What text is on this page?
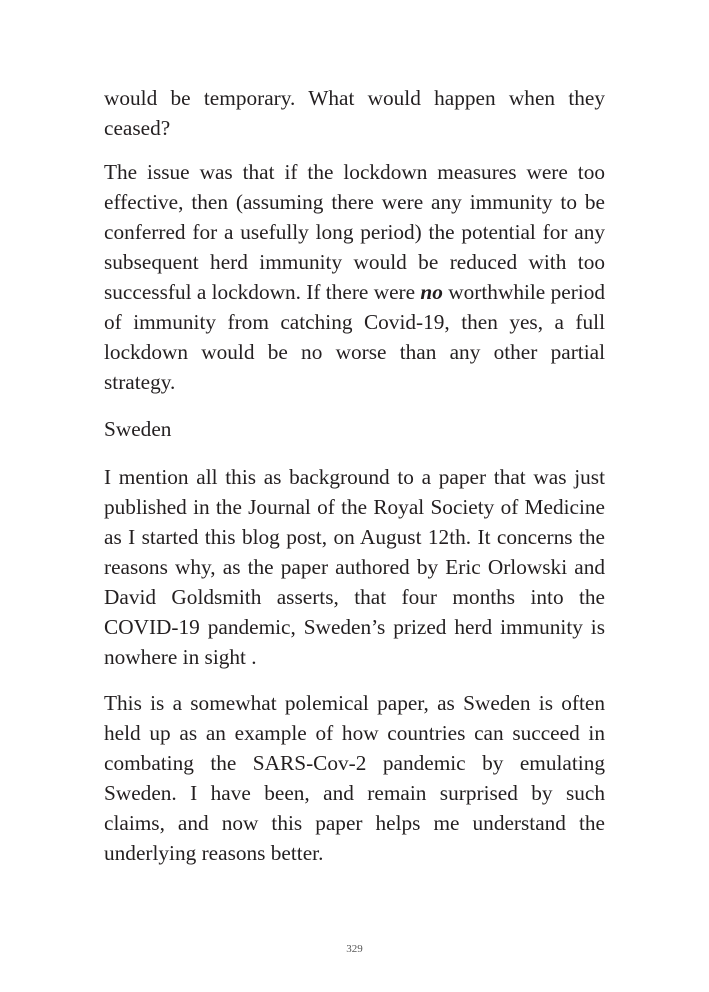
would be temporary. What would happen when they ceased?

The issue was that if the lockdown measures were too effective, then (assuming there were any immunity to be conferred for a usefully long period) the potential for any subsequent herd immunity would be reduced with too successful a lockdown. If there were no worthwhile period of immunity from catching Covid-19, then yes, a full lockdown would be no worse than any other partial strategy.

Sweden

I mention all this as background to a paper that was just published in the Journal of the Royal Society of Medicine as I started this blog post, on August 12th. It concerns the reasons why, as the paper authored by Eric Orlowski and David Goldsmith asserts, that four months into the COVID-19 pandemic, Sweden’s prized herd immunity is nowhere in sight .

This is a somewhat polemical paper, as Sweden is often held up as an example of how countries can succeed in combating the SARS-Cov-2 pandemic by emulating Sweden. I have been, and remain surprised by such claims, and now this paper helps me understand the underlying reasons better.

329
